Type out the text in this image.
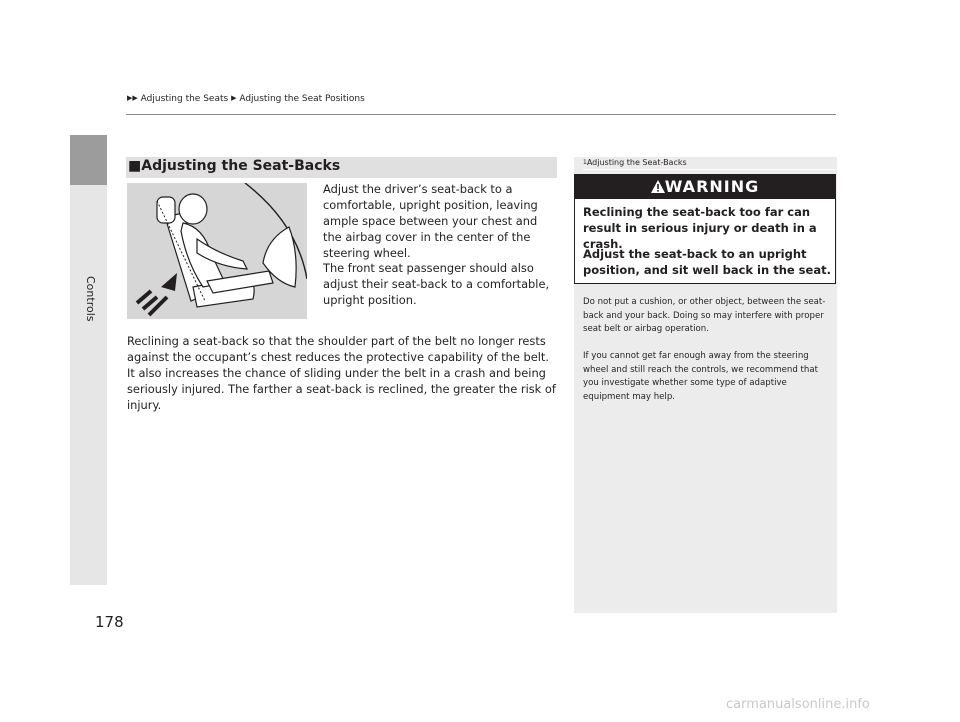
Controls
▶▶ Adjusting the Seats ▶ Adjusting the Seat Positions
■Adjusting the Seat-Backs
Adjust the driver’s seat-back to a comfortable, upright position, leaving ample space between your chest and the airbag cover in the center of the steering wheel.
The front seat passenger should also adjust their seat-back to a comfortable, upright position.
Reclining a seat-back so that the shoulder part of the belt no longer rests against the occupant’s chest reduces the protective capability of the belt. It also increases the chance of sliding under the belt in a crash and being seriously injured. The farther a seat-back is reclined, the greater the risk of injury.
1Adjusting the Seat-Backs
WARNING
Reclining the seat-back too far can result in serious injury or death in a crash.
Adjust the seat-back to an upright position, and sit well back in the seat.
Do not put a cushion, or other object, between the seat-back and your back. Doing so may interfere with proper seat belt or airbag operation.
If you cannot get far enough away from the steering wheel and still reach the controls, we recommend that you investigate whether some type of adaptive equipment may help.
178
carmanualsonline.info
